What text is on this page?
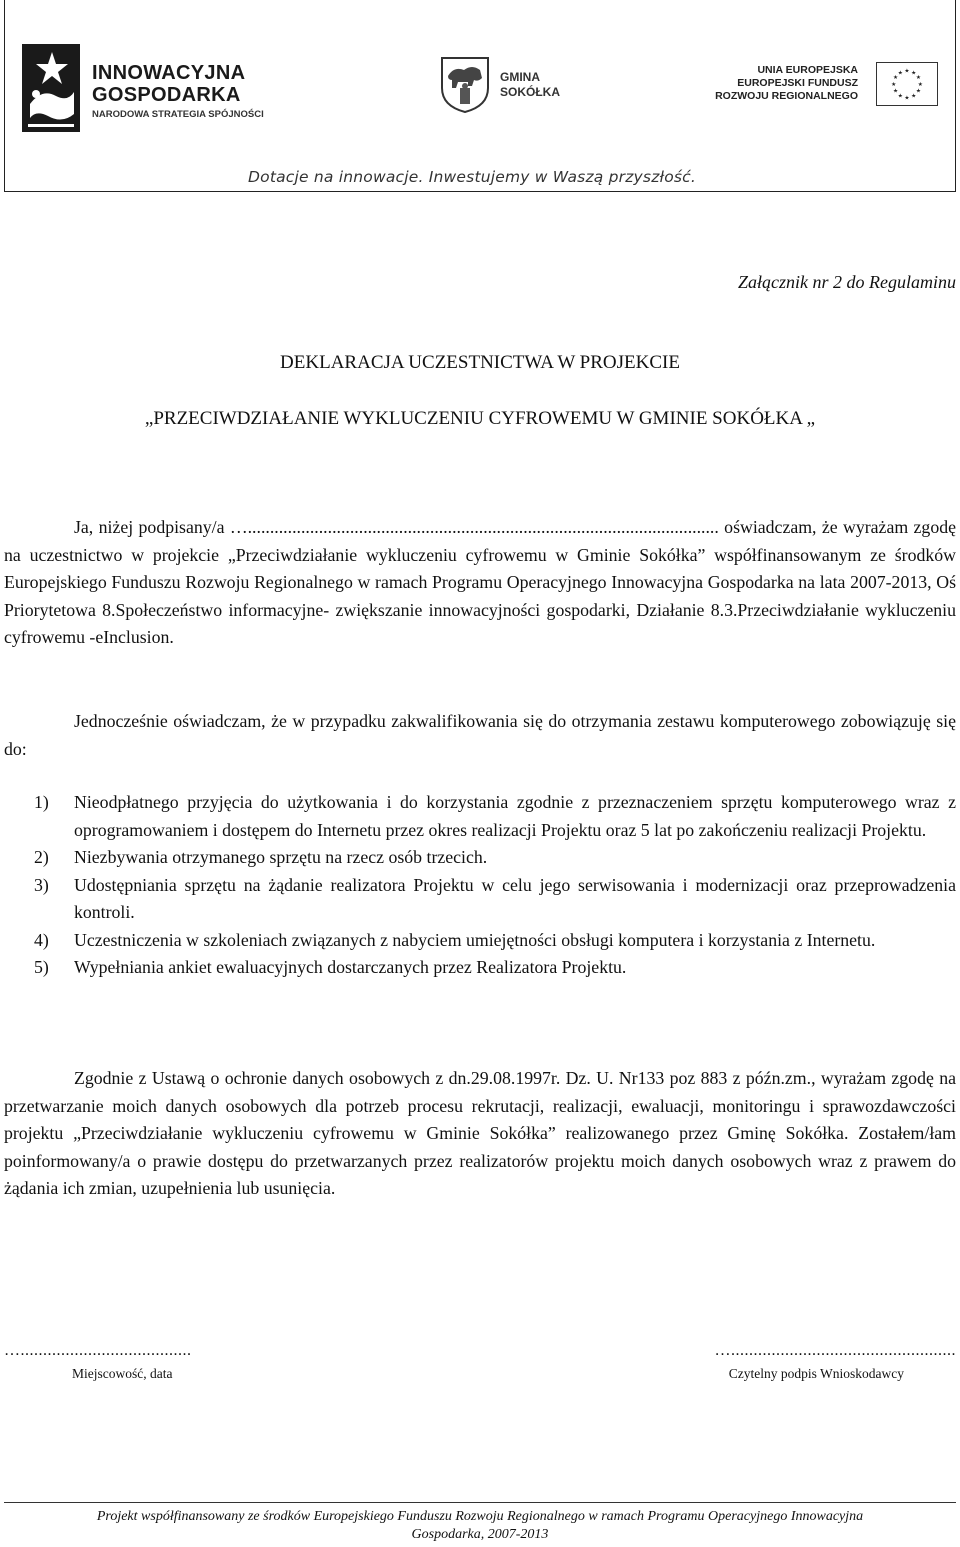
INNOWACYJNA
GOSPODARKA
NARODOWA STRATEGIA SPÓJNOŚCI
GMINA
SOKÓŁKA
UNIA EUROPEJSKA
EUROPEJSKI FUNDUSZ
ROZWOJU REGIONALNEGO
★ ★
★
★
★
★
★
★
★
★
★
★
Dotacje na innowacje. Inwestujemy w Waszą przyszłość.
Załącznik nr 2 do Regulaminu
DEKLARACJA UCZESTNICTWA W PROJEKCIE
„PRZECIWDZIAŁANIE WYKLUCZENIU CYFROWEMU W GMINIE SOKÓŁKA „

Ja, niżej podpisany/a ….......................................................................................................... oświadczam, że wyrażam zgodę na uczestnictwo w projekcie „Przeciwdziałanie wykluczeniu cyfrowemu w Gminie Sokółka” współfinansowanym ze środków Europejskiego Funduszu Rozwoju Regionalnego w ramach Programu Operacyjnego Innowacyjna Gospodarka na lata 2007-2013, Oś Priorytetowa 8.Społeczeństwo informacyjne- zwiększanie innowacyjności gospodarki, Działanie 8.3.Przeciwdziałanie wykluczeniu cyfrowemu -eInclusion.

Jednocześnie oświadczam, że w przypadku zakwalifikowania się do otrzymania zestawu komputerowego zobowiązuję się do:

1) Nieodpłatnego przyjęcia do użytkowania i do korzystania zgodnie z przeznaczeniem sprzętu komputerowego wraz z oprogramowaniem i dostępem do Internetu przez okres realizacji Projektu oraz 5 lat po zakończeniu realizacji Projektu.
2) Niezbywania otrzymanego sprzętu na rzecz osób trzecich.
3) Udostępniania sprzętu na żądanie realizatora Projektu w celu jego serwisowania i modernizacji oraz przeprowadzenia kontroli.
4) Uczestniczenia w szkoleniach związanych z nabyciem umiejętności obsługi komputera i korzystania z Internetu.
5) Wypełniania ankiet ewaluacyjnych dostarczanych przez Realizatora Projektu.

Zgodnie z Ustawą o ochronie danych osobowych z dn.29.08.1997r. Dz. U. Nr133 poz 883 z późn.zm., wyrażam zgodę na przetwarzanie moich danych osobowych dla potrzeb procesu rekrutacji, realizacji, ewaluacji, monitoringu i sprawozdawczości projektu „Przeciwdziałanie wykluczeniu cyfrowemu w Gminie Sokółka” realizowanego przez Gminę Sokółka. Zostałem/łam poinformowany/a o prawie dostępu do przetwarzanych przez realizatorów projektu moich danych osobowych wraz z prawem do żądania ich zmian, uzupełnienia lub usunięcia.

…......................................	…..................................................
Miejscowość, data	Czytelny podpis Wnioskodawcy
Projekt współfinansowany ze środków Europejskiego Funduszu Rozwoju Regionalnego w ramach Programu Operacyjnego Innowacyjna
Gospodarka, 2007-2013
